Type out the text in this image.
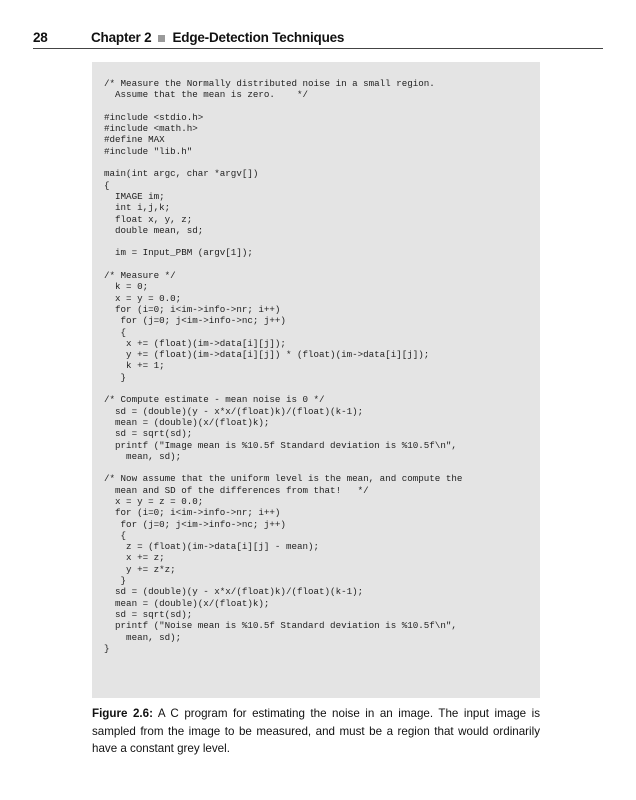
28	Chapter 2 Edge-Detection Techniques
/* Measure the Normally distributed noise in a small region.
Assume that the mean is zero.    */

#include <stdio.h>
#include <math.h>
#define MAX
#include "lib.h"

main(int argc, char *argv[])
{
IMAGE im;
int i,j,k;
float x, y, z;
double mean, sd;

im = Input_PBM (argv[1]);

/* Measure */
k = 0;
x = y = 0.0;
for (i=0; i<im->info->nr; i++)
for (j=0; j<im->info->nc; j++)
{
x += (float)(im->data[i][j]);
y += (float)(im->data[i][j]) * (float)(im->data[i][j]);
k += 1;
}

/* Compute estimate - mean noise is 0 */
sd = (double)(y - x*x/(float)k)/(float)(k-1);
mean = (double)(x/(float)k);
sd = sqrt(sd);
printf ("Image mean is %10.5f Standard deviation is %10.5f\n",
mean, sd);

/* Now assume that the uniform level is the mean, and compute the
mean and SD of the differences from that!   */
x = y = z = 0.0;
for (i=0; i<im->info->nr; i++)
for (j=0; j<im->info->nc; j++)
{
z = (float)(im->data[i][j] - mean);
x += z;
y += z*z;
}
sd = (double)(y - x*x/(float)k)/(float)(k-1);
mean = (double)(x/(float)k);
sd = sqrt(sd);
printf ("Noise mean is %10.5f Standard deviation is %10.5f\n",
mean, sd);
}
Figure 2.6: A C program for estimating the noise in an image. The input image is sampled from the image to be measured, and must be a region that would ordinarily have a constant grey level.
